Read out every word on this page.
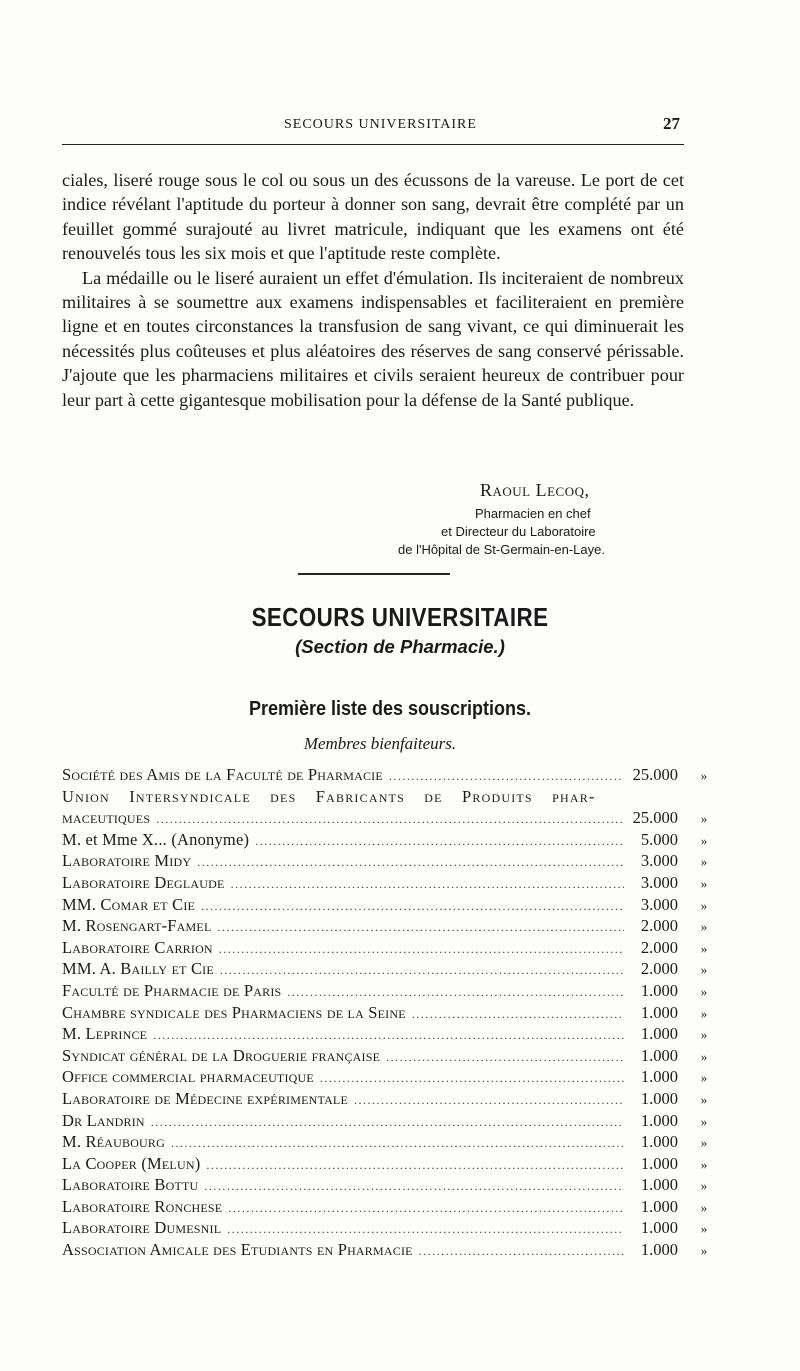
SECOURS UNIVERSITAIRE	27

ciales, liseré rouge sous le col ou sous un des écussons de la vareuse. Le port de cet indice révélant l'aptitude du porteur à donner son sang, devrait être complété par un feuillet gommé surajouté au livret matricule, indiquant que les examens ont été renouvelés tous les six mois et que l'aptitude reste complète.

La médaille ou le liseré auraient un effet d'émulation. Ils inciteraient de nombreux militaires à se soumettre aux examens indispensables et faciliteraient en première ligne et en toutes circonstances la transfusion de sang vivant, ce qui diminuerait les nécessités plus coûteuses et plus aléatoires des réserves de sang conservé périssable. J'ajoute que les pharmaciens militaires et civils seraient heureux de contribuer pour leur part à cette gigantesque mobilisation pour la défense de la Santé publique.

Raoul Lecoq,
Pharmacien en chef
et Directeur du Laboratoire
de l'Hôpital de St-Germain-en-Laye.
SECOURS UNIVERSITAIRE
(Section de Pharmacie.)
Première liste des souscriptions.
Membres bienfaiteurs.
Société des Amis de la Faculté de Pharmacie .....	25.000	»
Union Intersyndicale des Fabricants de Produits phar-
maceutiques .....	25.000	»
M. et Mme X... (Anonyme) .....	5.000	»
Laboratoire Midy .....	3.000	»
Laboratoire Deglaude .....	3.000	»
MM. Comar et Cie .....	3.000	»
M. Rosengart-Famel .....	2.000	»
Laboratoire Carrion .....	2.000	»
MM. A. Bailly et Cie .....	2.000	»
Faculté de Pharmacie de Paris .....	1.000	»
Chambre syndicale des Pharmaciens de la Seine .....	1.000	»
M. Leprince .....	1.000	»
Syndicat général de la Droguerie française .....	1.000	»
Office commercial pharmaceutique .....	1.000	»
Laboratoire de Médecine expérimentale .....	1.000	»
Dr Landrin .....	1.000	»
M. Réaubourg .....	1.000	»
La Cooper (Melun) .....	1.000	»
Laboratoire Bottu .....	1.000	»
Laboratoire Ronchese .....	1.000	»
Laboratoire Dumesnil .....	1.000	»
Association Amicale des Etudiants en Pharmacie .....	1.000	»
